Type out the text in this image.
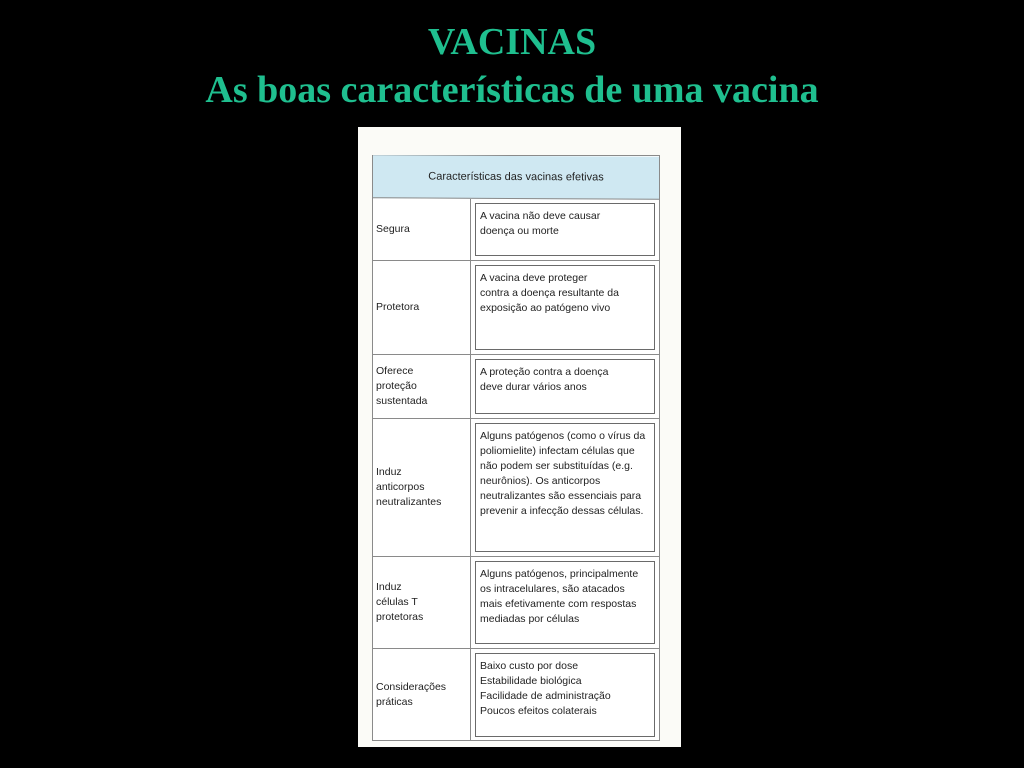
VACINAS
As boas características de uma vacina
Características das vacinas efetivas
Segura
A vacina não deve causar
doença ou morte
Protetora
A vacina deve proteger
contra a doença resultante da
exposição ao patógeno vivo
Oferece
proteção
sustentada
A proteção contra a doença
deve durar vários anos
Induz
anticorpos
neutralizantes
Alguns patógenos (como o vírus da
poliomielite) infectam células que
não podem ser substituídas (e.g.
neurônios). Os anticorpos
neutralizantes são essenciais para
prevenir a infecção dessas células.
Induz
células T
protetoras
Alguns patógenos, principalmente
os intracelulares, são atacados
mais efetivamente com respostas
mediadas por células
Considerações
práticas
Baixo custo por dose
Estabilidade biológica
Facilidade de administração
Poucos efeitos colaterais
